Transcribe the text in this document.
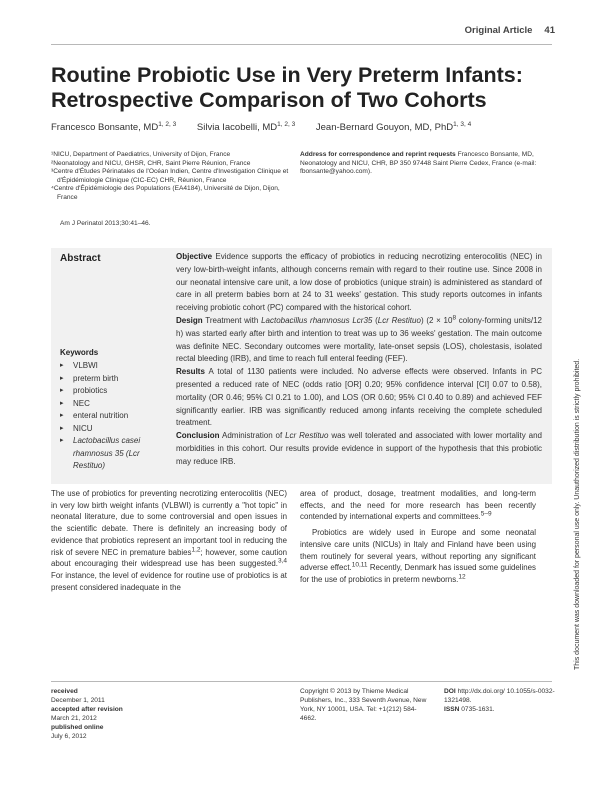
Original Article 41
Routine Probiotic Use in Very Preterm Infants: Retrospective Comparison of Two Cohorts
Francesco Bonsante, MD$^{1, 2, 3}$ Silvia Iacobelli, MD$^{1, 2, 3}$ Jean-Bernard Gouyon, MD, PhD$^{1, 3, 4}$
¹NICU, Department of Paediatrics, University of Dijon, France
²Neonatology and NICU, GHSR, CHR, Saint Pierre Réunion, France
³Centre d'Études Périnatales de l'Océan Indien, Centre d'Investigation Clinique et d'Épidémiologie Clinique (CIC-EC) CHR, Réunion, France
⁴Centre d'Épidémiologie des Populations (EA4184), Université de Dijon, Dijon, France
Address for correspondence and reprint requests Francesco Bonsante, MD, Neonatology and NICU, CHR, BP 350 97448 Saint Pierre Cedex, France (e-mail: fbonsante@yahoo.com).
Am J Perinatol 2013;30:41–46.
Abstract	Objective Evidence supports the efficacy of probiotics in reducing necrotizing enterocolitis (NEC) in very low-birth-weight infants, although concerns remain with regard to their routine use. Since 2008 in our neonatal intensive care unit, a low dose of probiotics (unique strain) is administered as standard of care in all preterm babies born at 24 to 31 weeks' gestation. This study reports outcomes in infants receiving probiotic cohort (PC) compared with the historical cohort.
Design Treatment with Lactobacillus rhamnosus Lcr35 (Lcr Restituo) ($2 \times 10^8$ colony-forming units/12 h) was started early after birth and intention to treat was up to 36 weeks' gestation. The main outcome was definite NEC. Secondary outcomes were mortality, late-onset sepsis (LOS), cholestasis, isolated rectal bleeding (IRB), and time to reach full enteral feeding (FEF).
Results A total of 1130 patients were included. No adverse effects were observed. Infants in PC presented a reduced rate of NEC (odds ratio [OR] 0.20; 95% confidence interval [CI] 0.07 to 0.58), mortality (OR 0.46; 95% CI 0.21 to 1.00), and LOS (OR 0.60; 95% CI 0.40 to 0.89) and achieved FEF significantly earlier. IRB was significantly reduced among infants receiving the complete scheduled treatment.
Conclusion Administration of Lcr Restituo was well tolerated and associated with lower mortality and morbidities in this cohort. Our results provide evidence in support of the hypothesis that this probiotic may reduce IRB.
Keywords
▸ VLBWI
▸ preterm birth
▸ probiotics
▸ NEC
▸ enteral nutrition
▸ NICU
▸ Lactobacillus casei rhamnosus 35 (Lcr Restituo)

The use of probiotics for preventing necrotizing enterocolitis (NEC) in very low birth weight infants (VLBWI) is currently a "hot topic" in neonatal literature, due to some controversial and open issues in the scientific debate. There is definitely an increasing body of evidence that probiotics represent an important tool in reducing the risk of severe NEC in premature babies$^{1,2}$; however, some caution about encouraging their widespread use has been suggested.$^{3,4}$ For instance, the level of evidence for routine use of probiotics is at present considered inadequate in the

area of product, dosage, treatment modalities, and long-term effects, and the need for more research has been recently contended by international experts and committees.$^{5-9}$

Probiotics are widely used in Europe and some neonatal intensive care units (NICUs) in Italy and Finland have been using them routinely for several years, without reporting any significant adverse effect.$^{10,11}$ Recently, Denmark has issued some guidelines for the use of probiotics in preterm newborns.$^{12}$

received
December 1, 2011
accepted after revision
March 21, 2012
published online
July 6, 2012
Copyright © 2013 by Thieme Medical Publishers, Inc., 333 Seventh Avenue, New York, NY 10001, USA. Tel: +1(212) 584-4662.
DOI http://dx.doi.org/ 10.1055/s-0032-1321498.
ISSN 0735-1631.
This document was downloaded for personal use only. Unauthorized distribution is strictly prohibited.
